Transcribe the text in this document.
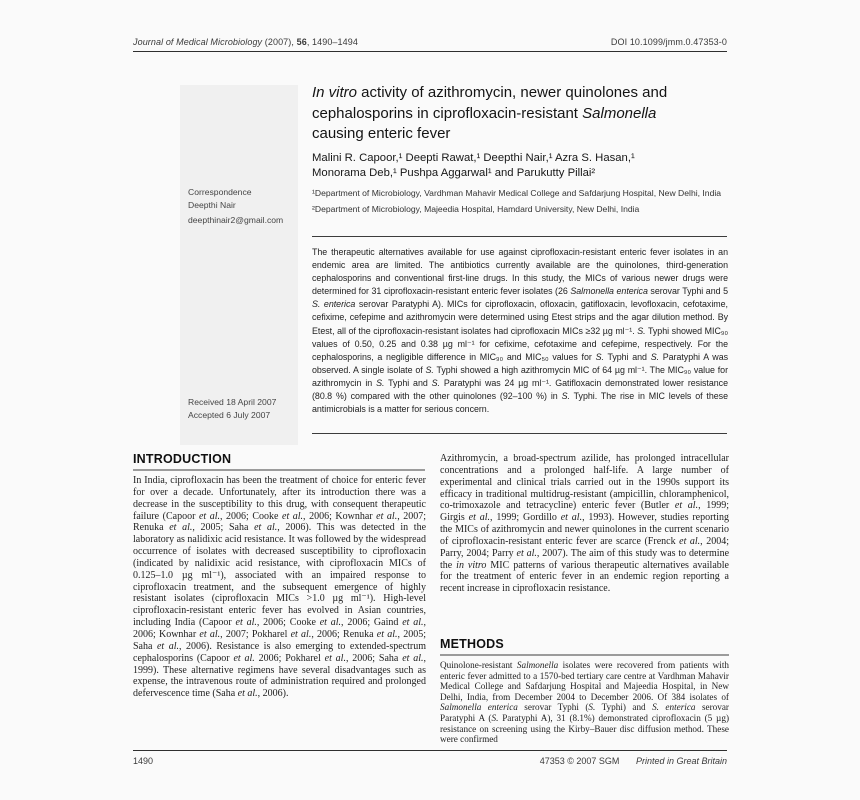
Journal of Medical Microbiology (2007), 56, 1490–1494	DOI 10.1099/jmm.0.47353-0
Correspondence
Deepthi Nair
deepthinair2@gmail.com
Received 18 April 2007
Accepted 6 July 2007
In vitro activity of azithromycin, newer quinolones and cephalosporins in ciprofloxacin-resistant Salmonella causing enteric fever
Malini R. Capoor,¹ Deepti Rawat,¹ Deepthi Nair,¹ Azra S. Hasan,¹ Monorama Deb,¹ Pushpa Aggarwal¹ and Parukutty Pillai²
¹Department of Microbiology, Vardhman Mahavir Medical College and Safdarjung Hospital, New Delhi, India
²Department of Microbiology, Majeedia Hospital, Hamdard University, New Delhi, India
The therapeutic alternatives available for use against ciprofloxacin-resistant enteric fever isolates in an endemic area are limited. The antibiotics currently available are the quinolones, third-generation cephalosporins and conventional first-line drugs. In this study, the MICs of various newer drugs were determined for 31 ciprofloxacin-resistant enteric fever isolates (26 Salmonella enterica serovar Typhi and 5 S. enterica serovar Paratyphi A). MICs for ciprofloxacin, ofloxacin, gatifloxacin, levofloxacin, cefotaxime, cefixime, cefepime and azithromycin were determined using Etest strips and the agar dilution method. By Etest, all of the ciprofloxacin-resistant isolates had ciprofloxacin MICs ≥32 µg ml⁻¹. S. Typhi showed MIC₉₀ values of 0.50, 0.25 and 0.38 µg ml⁻¹ for cefixime, cefotaxime and cefepime, respectively. For the cephalosporins, a negligible difference in MIC₉₀ and MIC₅₀ values for S. Typhi and S. Paratyphi A was observed. A single isolate of S. Typhi showed a high azithromycin MIC of 64 µg ml⁻¹. The MIC₉₀ value for azithromycin in S. Typhi and S. Paratyphi was 24 µg ml⁻¹. Gatifloxacin demonstrated lower resistance (80.8 %) compared with the other quinolones (92–100 %) in S. Typhi. The rise in MIC levels of these antimicrobials is a matter for serious concern.
INTRODUCTION
In India, ciprofloxacin has been the treatment of choice for enteric fever for over a decade. Unfortunately, after its introduction there was a decrease in the susceptibility to this drug, with consequent therapeutic failure (Capoor et al., 2006; Cooke et al., 2006; Kownhar et al., 2007; Renuka et al., 2005; Saha et al., 2006). This was detected in the laboratory as nalidixic acid resistance. It was followed by the widespread occurrence of isolates with decreased susceptibility to ciprofloxacin (indicated by nalidixic acid resistance, with ciprofloxacin MICs of 0.125–1.0 µg ml⁻¹), associated with an impaired response to ciprofloxacin treatment, and the subsequent emergence of highly resistant isolates (ciprofloxacin MICs >1.0 µg ml⁻¹). High-level ciprofloxacin-resistant enteric fever has evolved in Asian countries, including India (Capoor et al., 2006; Cooke et al., 2006; Gaind et al., 2006; Kownhar et al., 2007; Pokharel et al., 2006; Renuka et al., 2005; Saha et al., 2006). Resistance is also emerging to extended-spectrum cephalosporins (Capoor et al. 2006; Pokharel et al., 2006; Saha et al., 1999). These alternative regimens have several disadvantages such as expense, the intravenous route of administration required and prolonged defervescence time (Saha et al., 2006).
Azithromycin, a broad-spectrum azilide, has prolonged intracellular concentrations and a prolonged half-life. A large number of experimental and clinical trials carried out in the 1990s support its efficacy in traditional multidrug-resistant (ampicillin, chloramphenicol, co-trimoxazole and tetracycline) enteric fever (Butler et al., 1999; Girgis et al., 1999; Gordillo et al., 1993). However, studies reporting the MICs of azithromycin and newer quinolones in the current scenario of ciprofloxacin-resistant enteric fever are scarce (Frenck et al., 2004; Parry, 2004; Parry et al., 2007). The aim of this study was to determine the in vitro MIC patterns of various therapeutic alternatives available for the treatment of enteric fever in an endemic region reporting a recent increase in ciprofloxacin resistance.
METHODS
Quinolone-resistant Salmonella isolates were recovered from patients with enteric fever admitted to a 1570-bed tertiary care centre at Vardhman Mahavir Medical College and Safdarjung Hospital and Majeedia Hospital, in New Delhi, India, from December 2004 to December 2006. Of 384 isolates of Salmonella enterica serovar Typhi (S. Typhi) and S. enterica serovar Paratyphi A (S. Paratyphi A), 31 (8.1%) demonstrated ciprofloxacin (5 µg) resistance on screening using the Kirby–Bauer disc diffusion method. These were confirmed
1490	47353 © 2007 SGM Printed in Great Britain
